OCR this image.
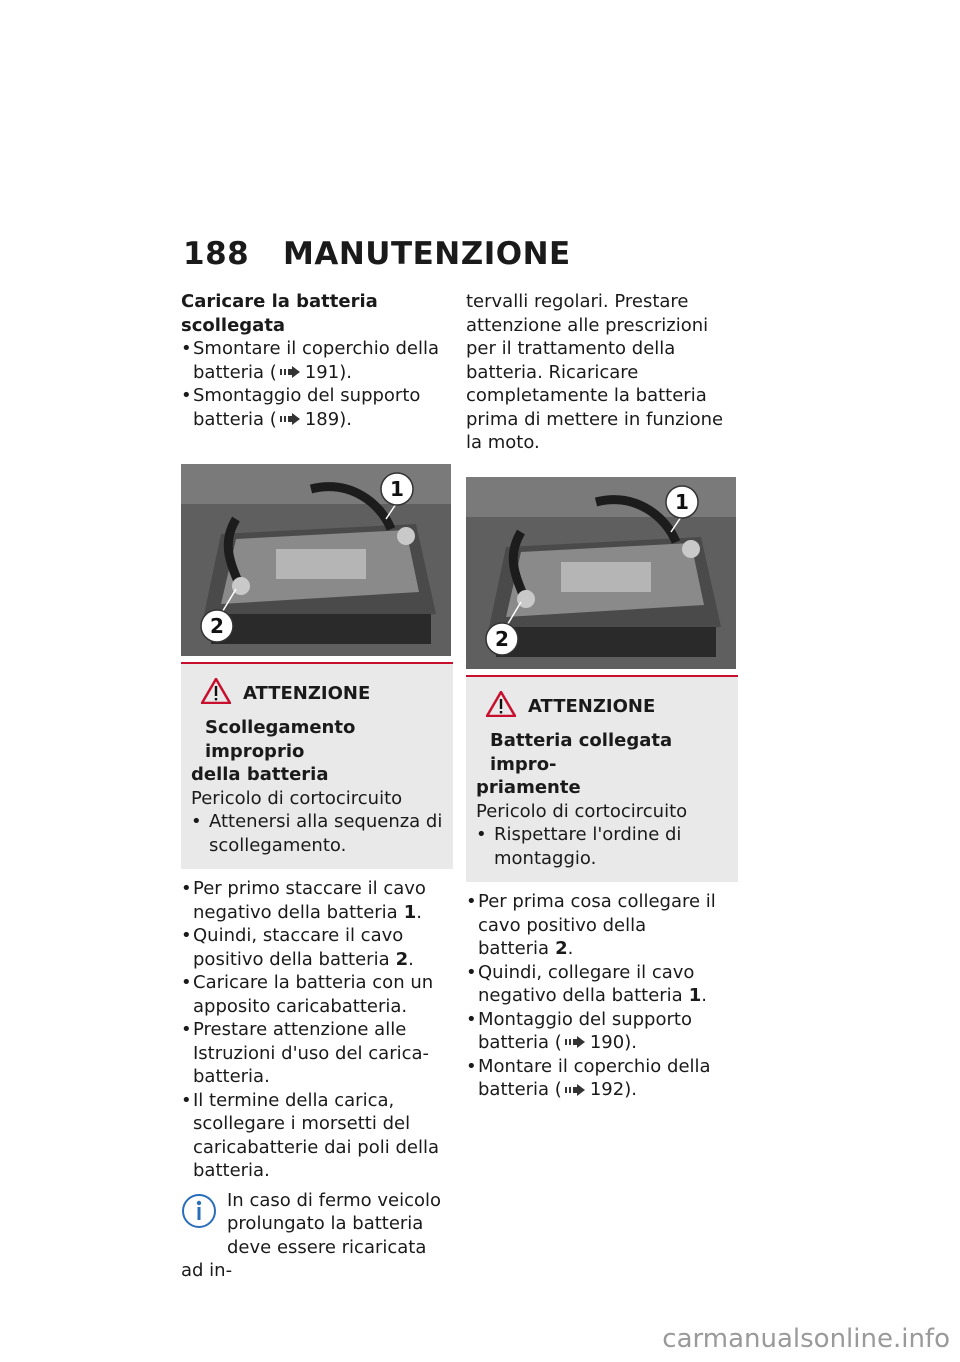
188 MANUTENZIONE
Caricare la batteria scollegata
• Smontare il coperchio della batteria ( 191).
• Smontaggio del supporto batteria ( 189).
1
2
ATTENZIONE
Scollegamento improprio
della batteria
Pericolo di cortocircuito
• Attenersi alla sequenza di scollegamento.
• Per primo staccare il cavo negativo della batteria 1.
• Quindi, staccare il cavo positivo della batteria 2.
• Caricare la batteria con un apposito caricabatteria.
• Prestare attenzione alle Istruzioni d'uso del carica-batteria.
• Il termine della carica, scollegare i morsetti del caricabatterie dai poli della batteria.
In caso di fermo veicolo prolungato la batteria deve essere ricaricata ad in-
tervalli regolari. Prestare attenzione alle prescrizioni per il trattamento della batteria. Ricaricare completamente la batteria prima di mettere in funzione la moto.
1
2
ATTENZIONE
Batteria collegata impro-
priamente
Pericolo di cortocircuito
• Rispettare l'ordine di montaggio.
• Per prima cosa collegare il cavo positivo della batteria 2.
• Quindi, collegare il cavo negativo della batteria 1.
• Montaggio del supporto batteria ( 190).
• Montare il coperchio della batteria ( 192).
carmanualsonline.info
